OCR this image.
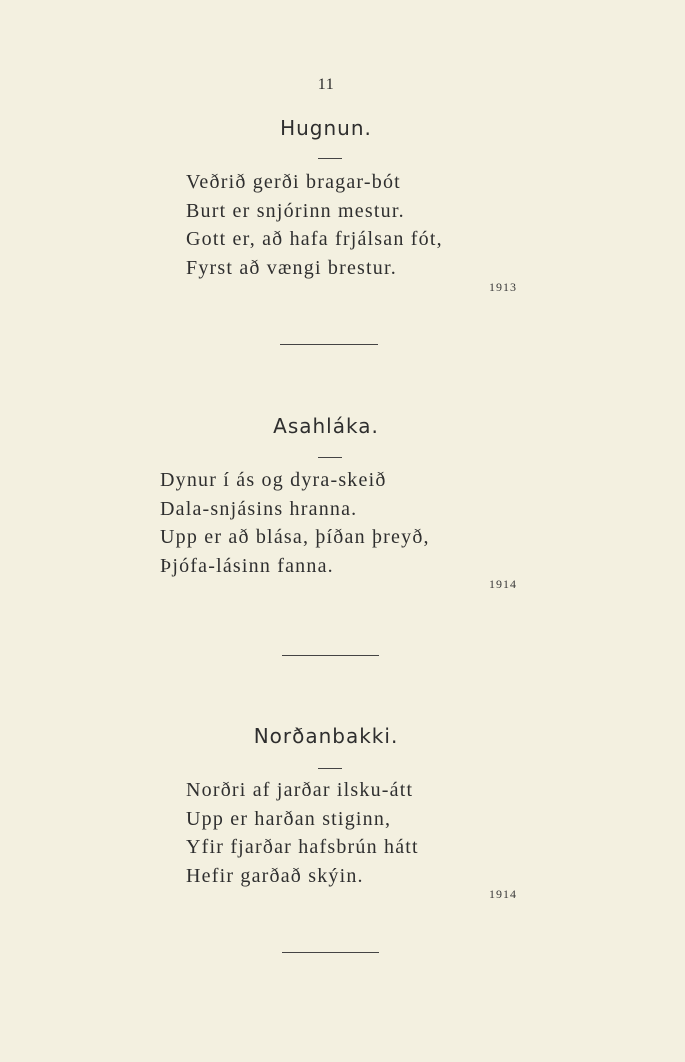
11
Hugnun.
Veðrið gerði bragar-bót
Burt er snjórinn mestur.
Gott er, að hafa frjálsan fót,
Fyrst að vængi brestur.
1913
Asahláka.
Dynur í ás og dyra-skeið
Dala-snjásins hranna.
Upp er að blása, þíðan þreyð,
Þjófa-lásinn fanna.
1914
Norðanbakki.
Norðri af jarðar ilsku-átt
Upp er harðan stiginn,
Yfir fjarðar hafsbrún hátt
Hefir garðað skýin.
1914
